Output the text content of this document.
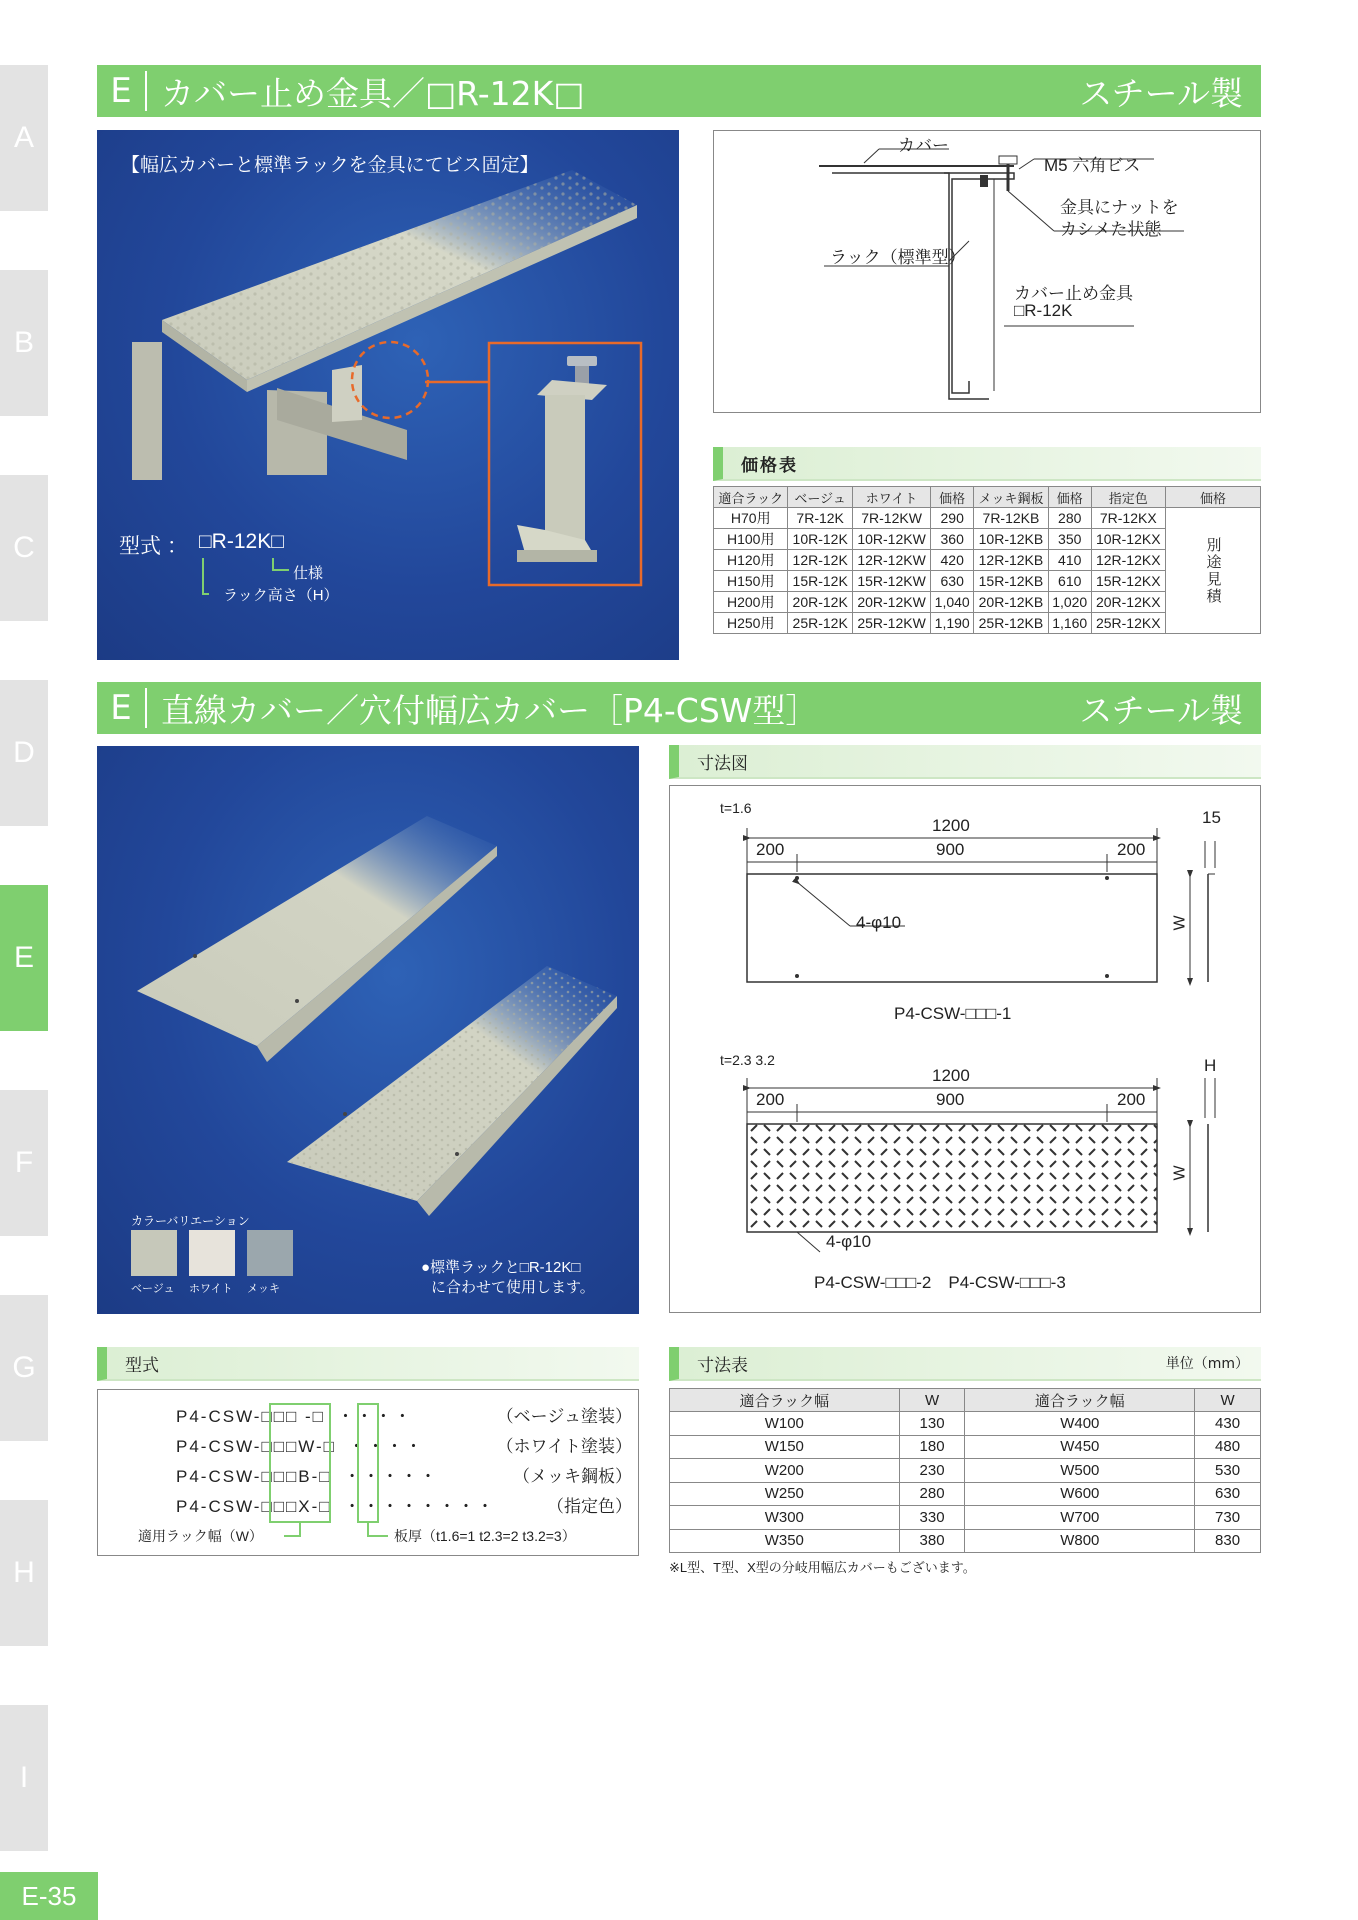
A
B
C
D
E
F
G
H
I
E-35
E カバー止め金具／□R-12K□	スチール製
【幅広カバーと標準ラックを金具にてビス固定】
型式 ： □R-12K□
仕様
ラック高さ（H）
カバー
M5 六角ビス
金具にナットを
カシメた状態
ラック（標準型）
カバー止め金具
□R-12K
価格表
適合ラック	ベージュ	ホワイト	価格	メッキ鋼板	価格	指定色	価格
H70用	7R-12K	7R-12KW	290	7R-12KB	280	7R-12KX	別途見積
H100用	10R-12K	10R-12KW	360	10R-12KB	350	10R-12KX	
H120用	12R-12K	12R-12KW	420	12R-12KB	410	12R-12KX	
H150用	15R-12K	15R-12KW	630	15R-12KB	610	15R-12KX	
H200用	20R-12K	20R-12KW	1,040	20R-12KB	1,020	20R-12KX	
H250用	25R-12K	25R-12KW	1,190	25R-12KB	1,160	25R-12KX	
E 直線カバー／穴付幅広カバー［P4-CSW型］	スチール製
カラーバリエーション
ベージュ ホワイト メッキ
●標準ラックと□R-12K□
に合わせて使用します。
寸法図
t=1.6
1200
200	900	200
15
4-φ10	W
P4-CSW-□□□-1
t=2.3 3.2
1200
200	900	200
H
4-φ10
W
P4-CSW-□□□-2　P4-CSW-□□□-3
型式
P4-CSW-□□□ -□ ・・・・	（ベージュ塗装）
P4-CSW-□□□W-□ ・・・・	（ホワイト塗装）
P4-CSW-□□□B-□ ・・・・・	（メッキ鋼板）
P4-CSW-□□□X-□ ・・・・・・・・	（指定色）
適用ラック幅（W）	板厚（t1.6=1 t2.3=2 t3.2=3）
寸法表	単位（mm）
適合ラック幅	W	適合ラック幅	W
W100	130	W400	430
W150	180	W450	480
W200	230	W500	530
W250	280	W600	630
W300	330	W700	730
W350	380	W800	830
※L型、T型、X型の分岐用幅広カバーもございます。
